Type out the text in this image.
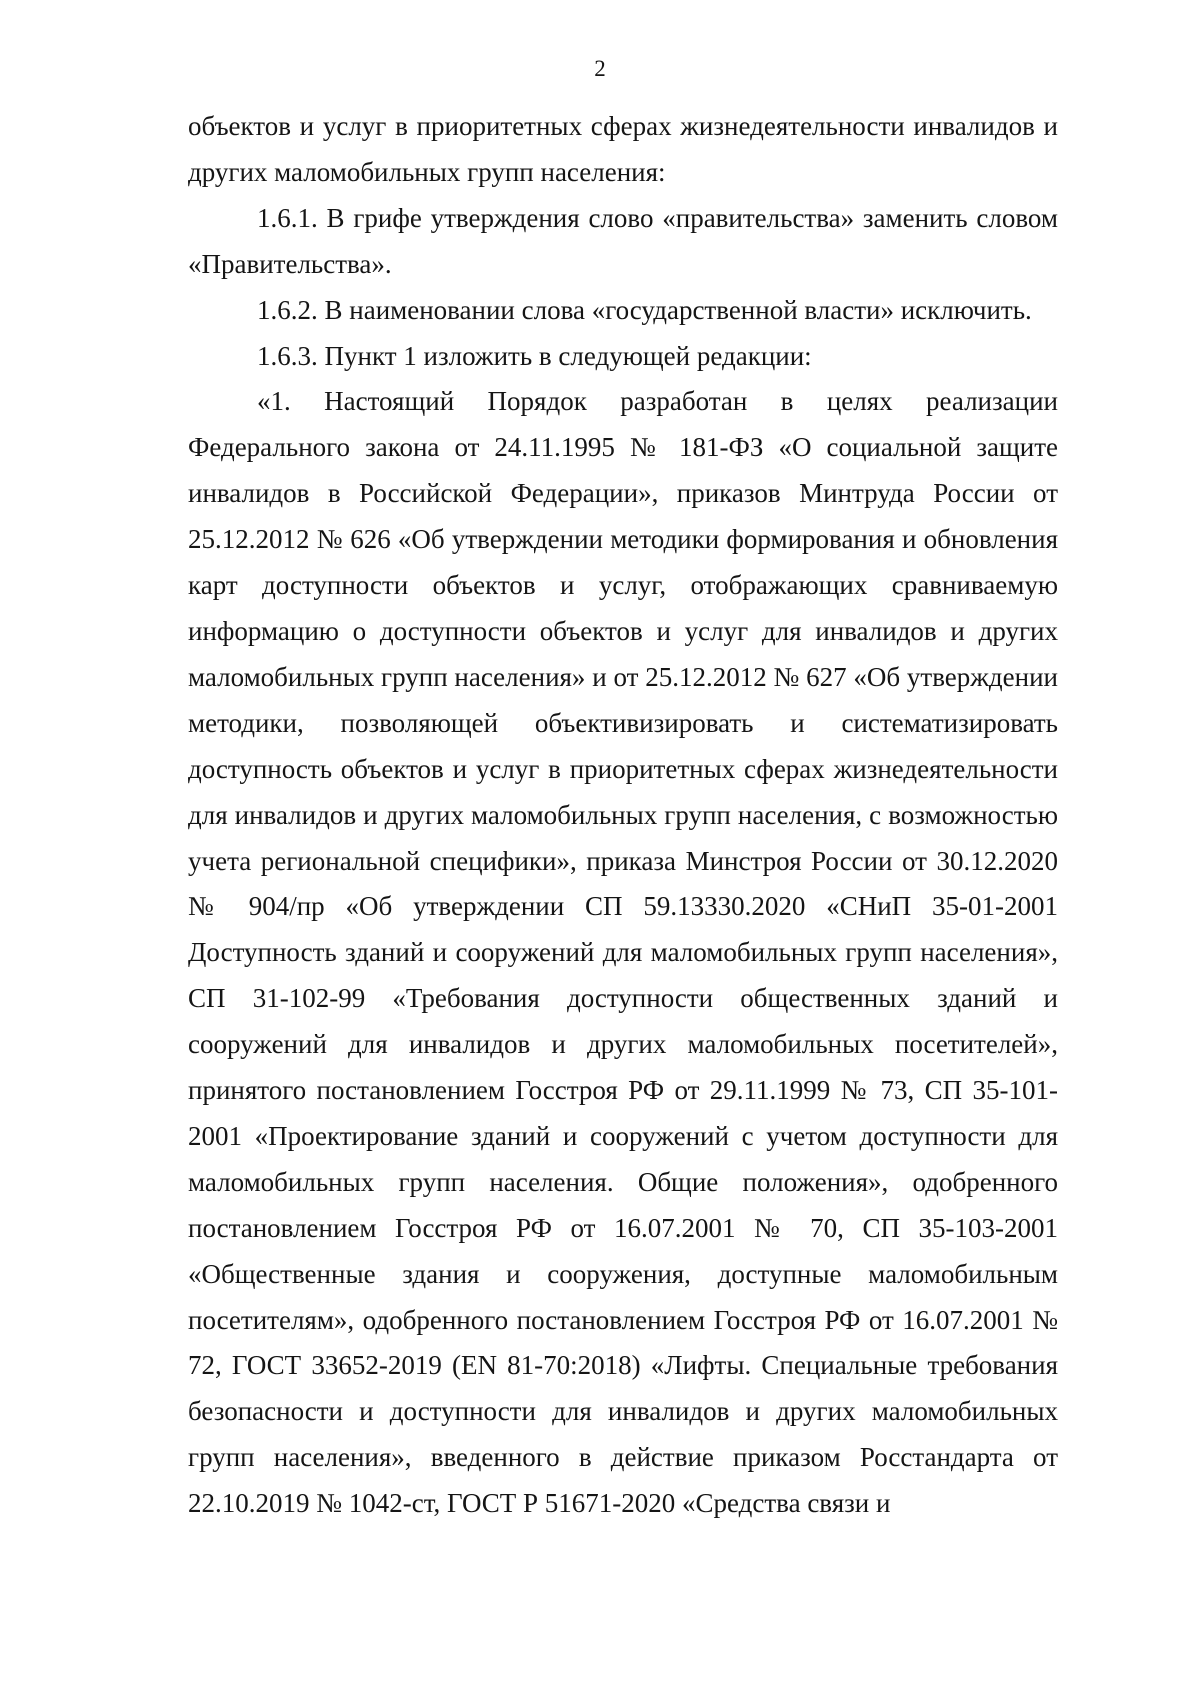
2

объектов и услуг в приоритетных сферах жизнедеятельности инвалидов и других маломобильных групп населения:

1.6.1. В грифе утверждения слово «правительства» заменить словом «Правительства».

1.6.2. В наименовании слова «государственной власти» исключить.

1.6.3. Пункт 1 изложить в следующей редакции:

«1. Настоящий Порядок разработан в целях реализации Федерального закона от 24.11.1995 № 181-ФЗ «О социальной защите инвалидов в Российской Федерации», приказов Минтруда России от 25.12.2012 № 626 «Об утверждении методики формирования и обновления карт доступности объектов и услуг, отображающих сравниваемую информацию о доступности объектов и услуг для инвалидов и других маломобильных групп населения» и от 25.12.2012 № 627 «Об утверждении методики, позволяющей объективизировать и систематизировать доступность объектов и услуг в приоритетных сферах жизнедеятельности для инвалидов и других маломобильных групп населения, с возможностью учета региональной специфики», приказа Минстроя России от 30.12.2020 № 904/пр «Об утверждении СП 59.13330.2020 «СНиП 35-01-2001 Доступность зданий и сооружений для маломобильных групп населения», СП 31-102-99 «Требования доступности общественных зданий и сооружений для инвалидов и других маломобильных посетителей», принятого постановлением Госстроя РФ от 29.11.1999 № 73, СП 35-101-2001 «Проектирование зданий и сооружений с учетом доступности для маломобильных групп населения. Общие положения», одобренного постановлением Госстроя РФ от 16.07.2001 № 70, СП 35-103-2001 «Общественные здания и сооружения, доступные маломобильным посетителям», одобренного постановлением Госстроя РФ от 16.07.2001 № 72, ГОСТ 33652-2019 (EN 81-70:2018) «Лифты. Специальные требования безопасности и доступности для инвалидов и других маломобильных групп населения», введенного в действие приказом Росстандарта от 22.10.2019 № 1042-ст, ГОСТ Р 51671-2020 «Средства связи и
